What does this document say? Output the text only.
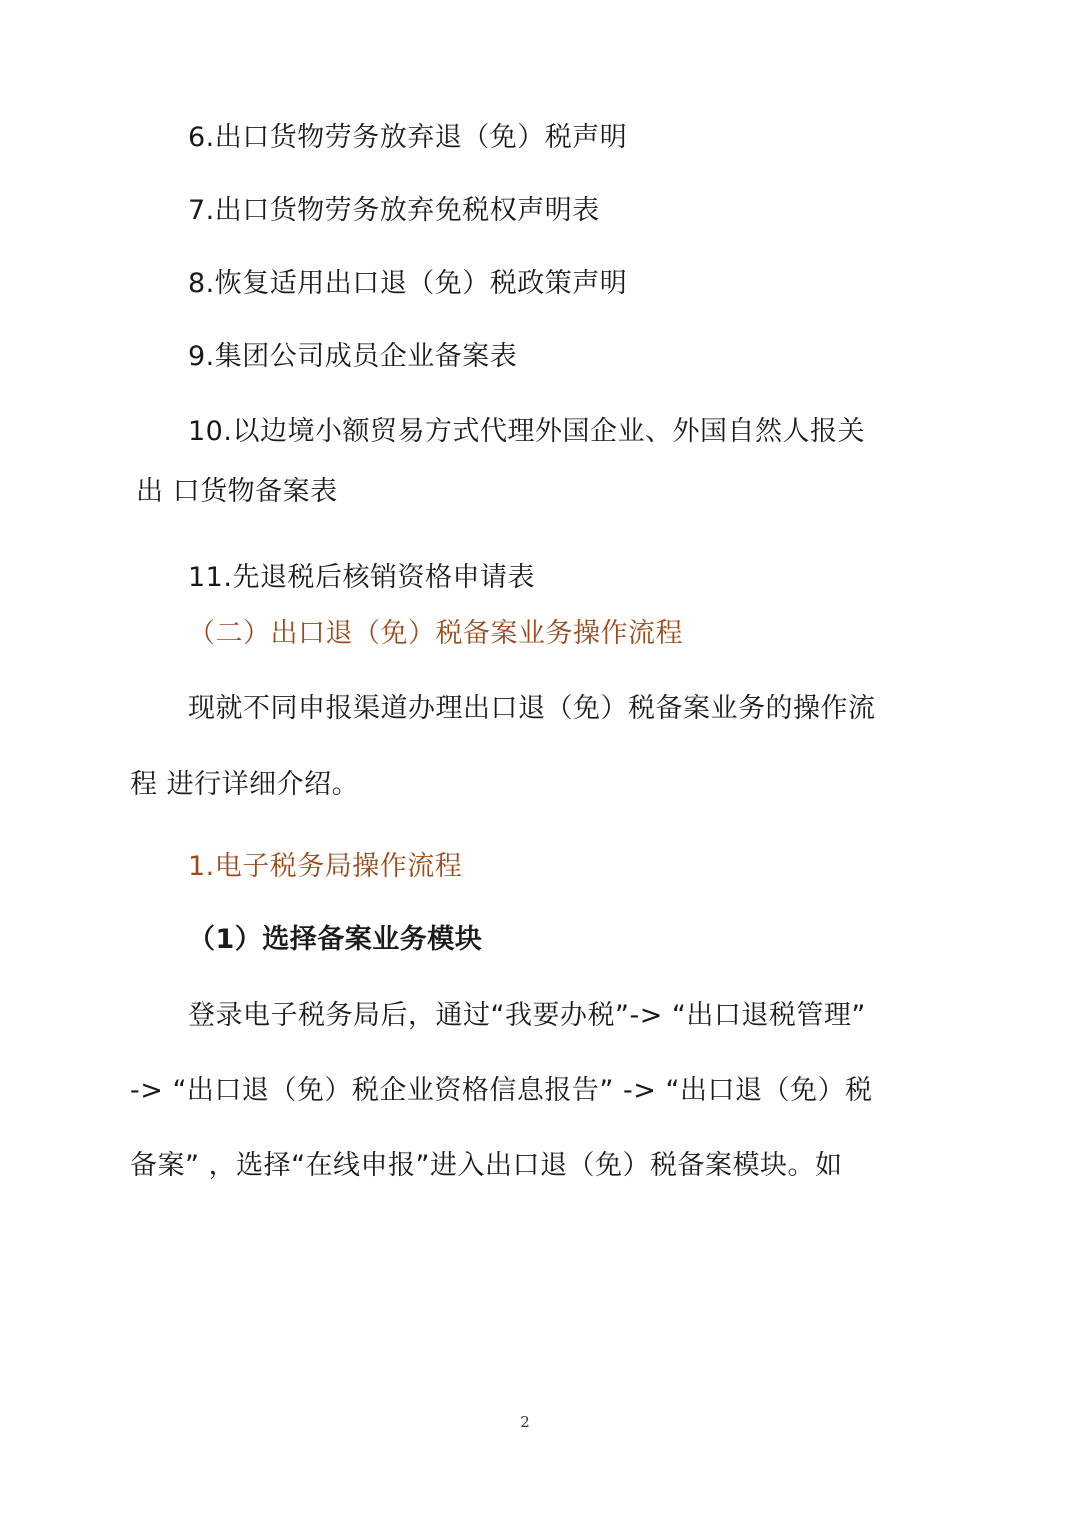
6.出口货物劳务放弃退（免）税声明
7.出口货物劳务放弃免税权声明表
8.恢复适用出口退（免）税政策声明
9.集团公司成员企业备案表
10.以边境小额贸易方式代理外国企业、外国自然人报关
出 口货物备案表
11.先退税后核销资格申请表
（二）出口退（免）税备案业务操作流程
现就不同申报渠道办理出口退（免）税备案业务的操作流
程 进行详细介绍。
1.电子税务局操作流程
（1）选择备案业务模块
登录电子税务局后，通过“我要办税”-> “出口退税管理”
-> “出口退（免）税企业资格信息报告” -> “出口退（免）税
备案” ，选择“在线申报”进入出口退（免）税备案模块。如
2
